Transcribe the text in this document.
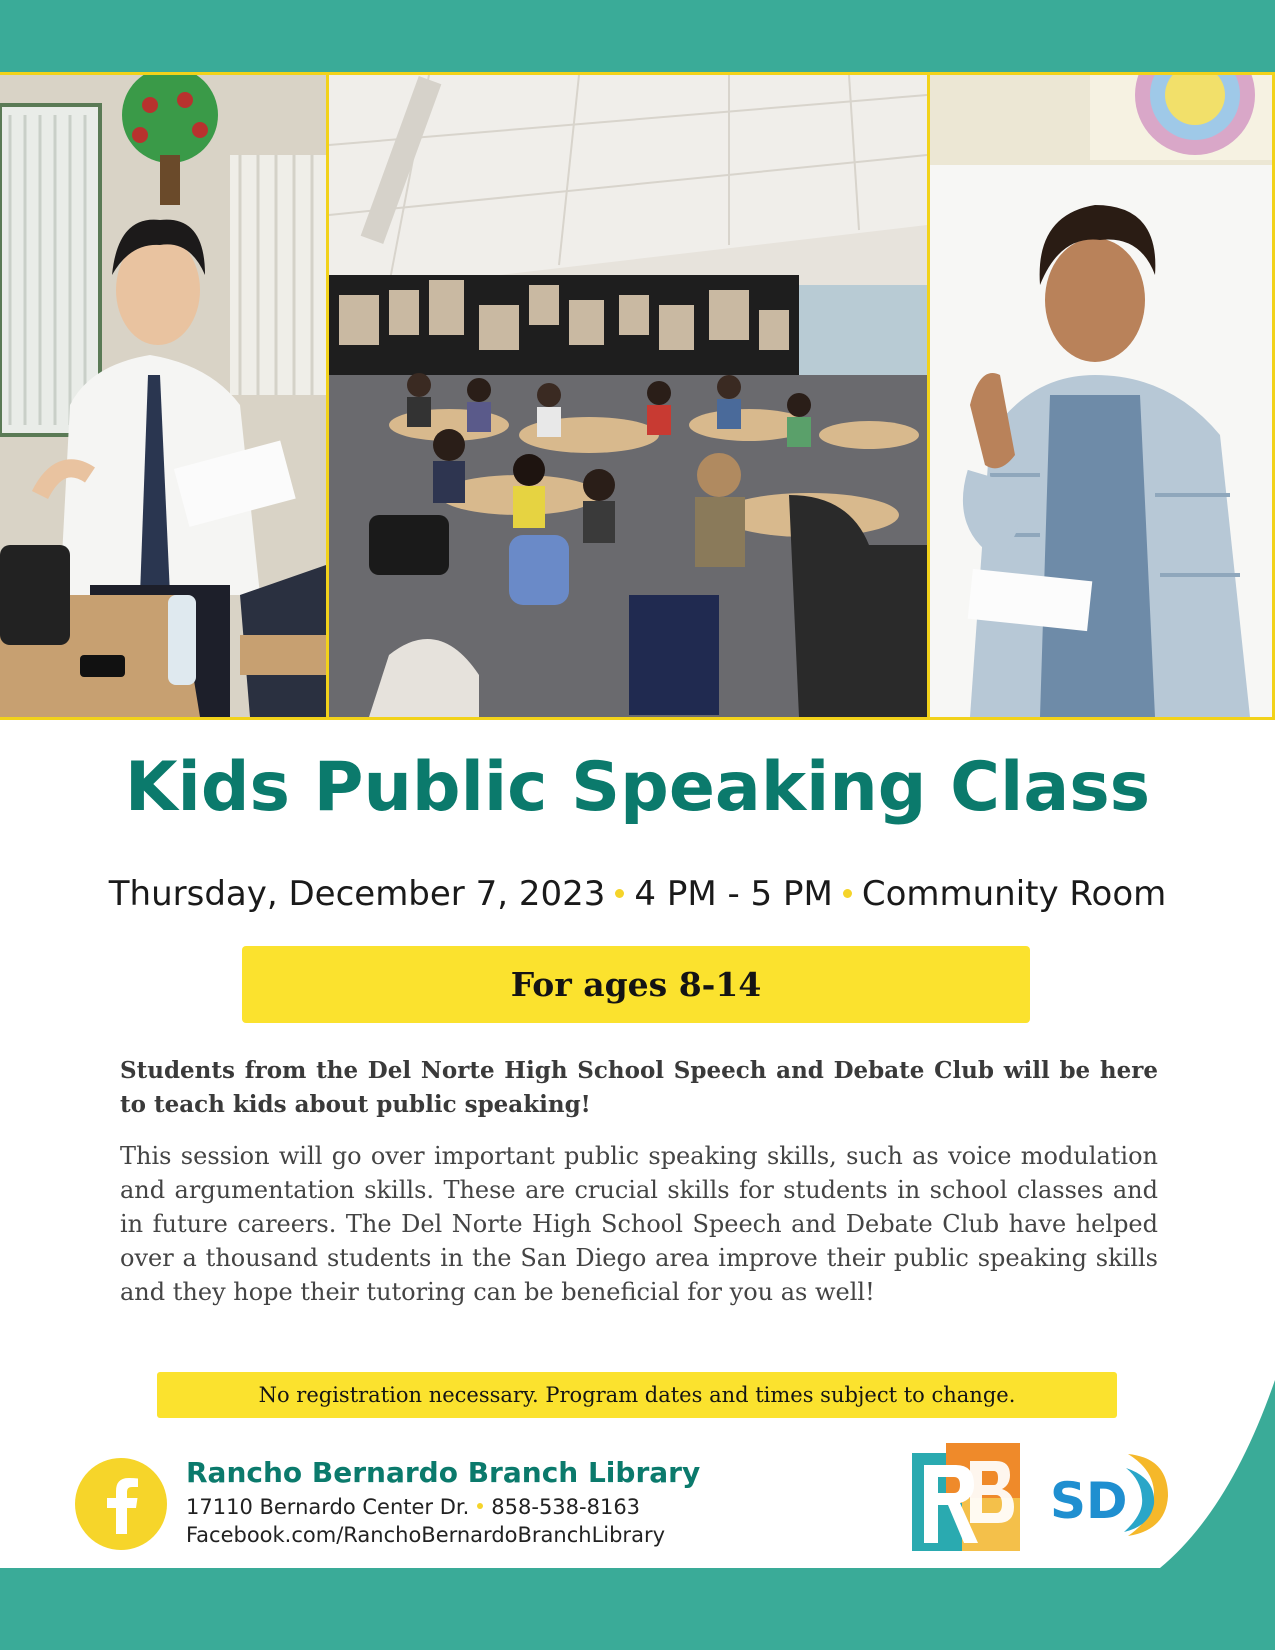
Kids Public Speaking Class
Thursday, December 7, 2023 4 PM - 5 PM Community Room
For ages 8-14
Students from the Del Norte High School Speech and Debate Club will be here to teach kids about public speaking!
This session will go over important public speaking skills, such as voice modulation and argumentation skills. These are crucial skills for students in school classes and in future careers. The Del Norte High School Speech and Debate Club have helped over a thousand students in the San Diego area improve their public speaking skills and they hope their tutoring can be beneficial for you as well!
No registration necessary. Program dates and times subject to change.
Rancho Bernardo Branch Library
17110 Bernardo Center Dr. 858-538-8163
Facebook.com/RanchoBernardoBranchLibrary
SD
